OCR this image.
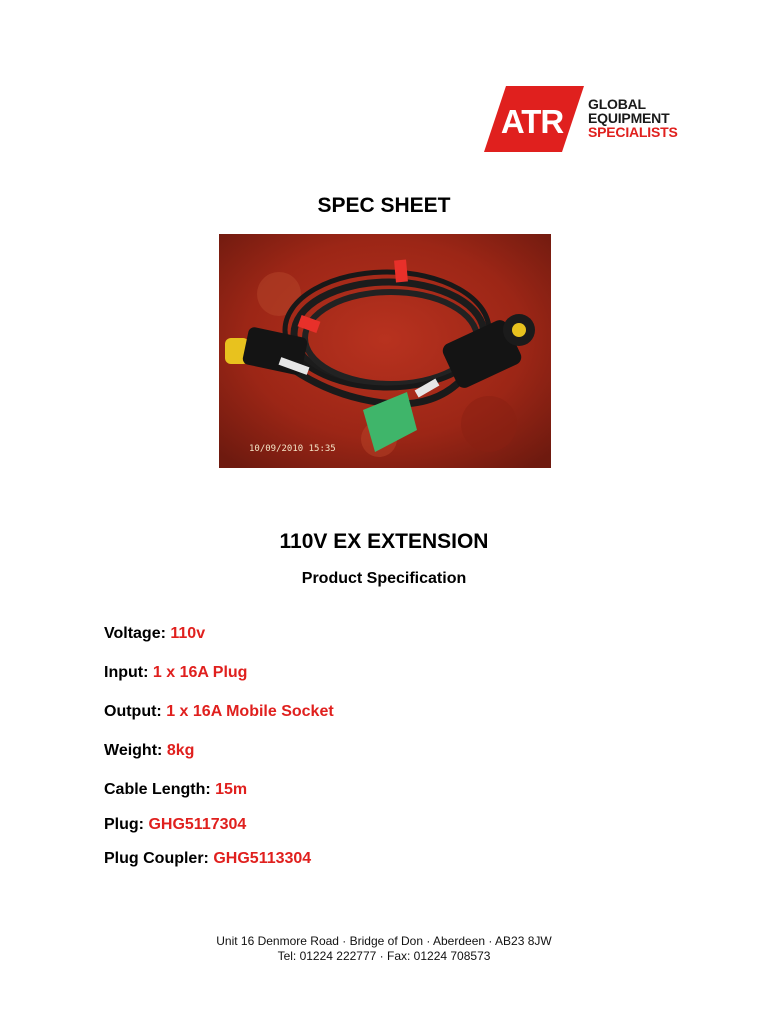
ATR GLOBAL
EQUIPMENT
SPECIALISTS
SPEC SHEET
10/09/2010 15:35
110V EX EXTENSION
Product Specification
Voltage: 110v
Input: 1 x 16A Plug
Output: 1 x 16A Mobile Socket
Weight: 8kg
Cable Length: 15m
Plug: GHG5117304
Plug Coupler: GHG5113304
Unit 16 Denmore Road · Bridge of Don · Aberdeen · AB23 8JW
Tel: 01224 222777 · Fax: 01224 708573
